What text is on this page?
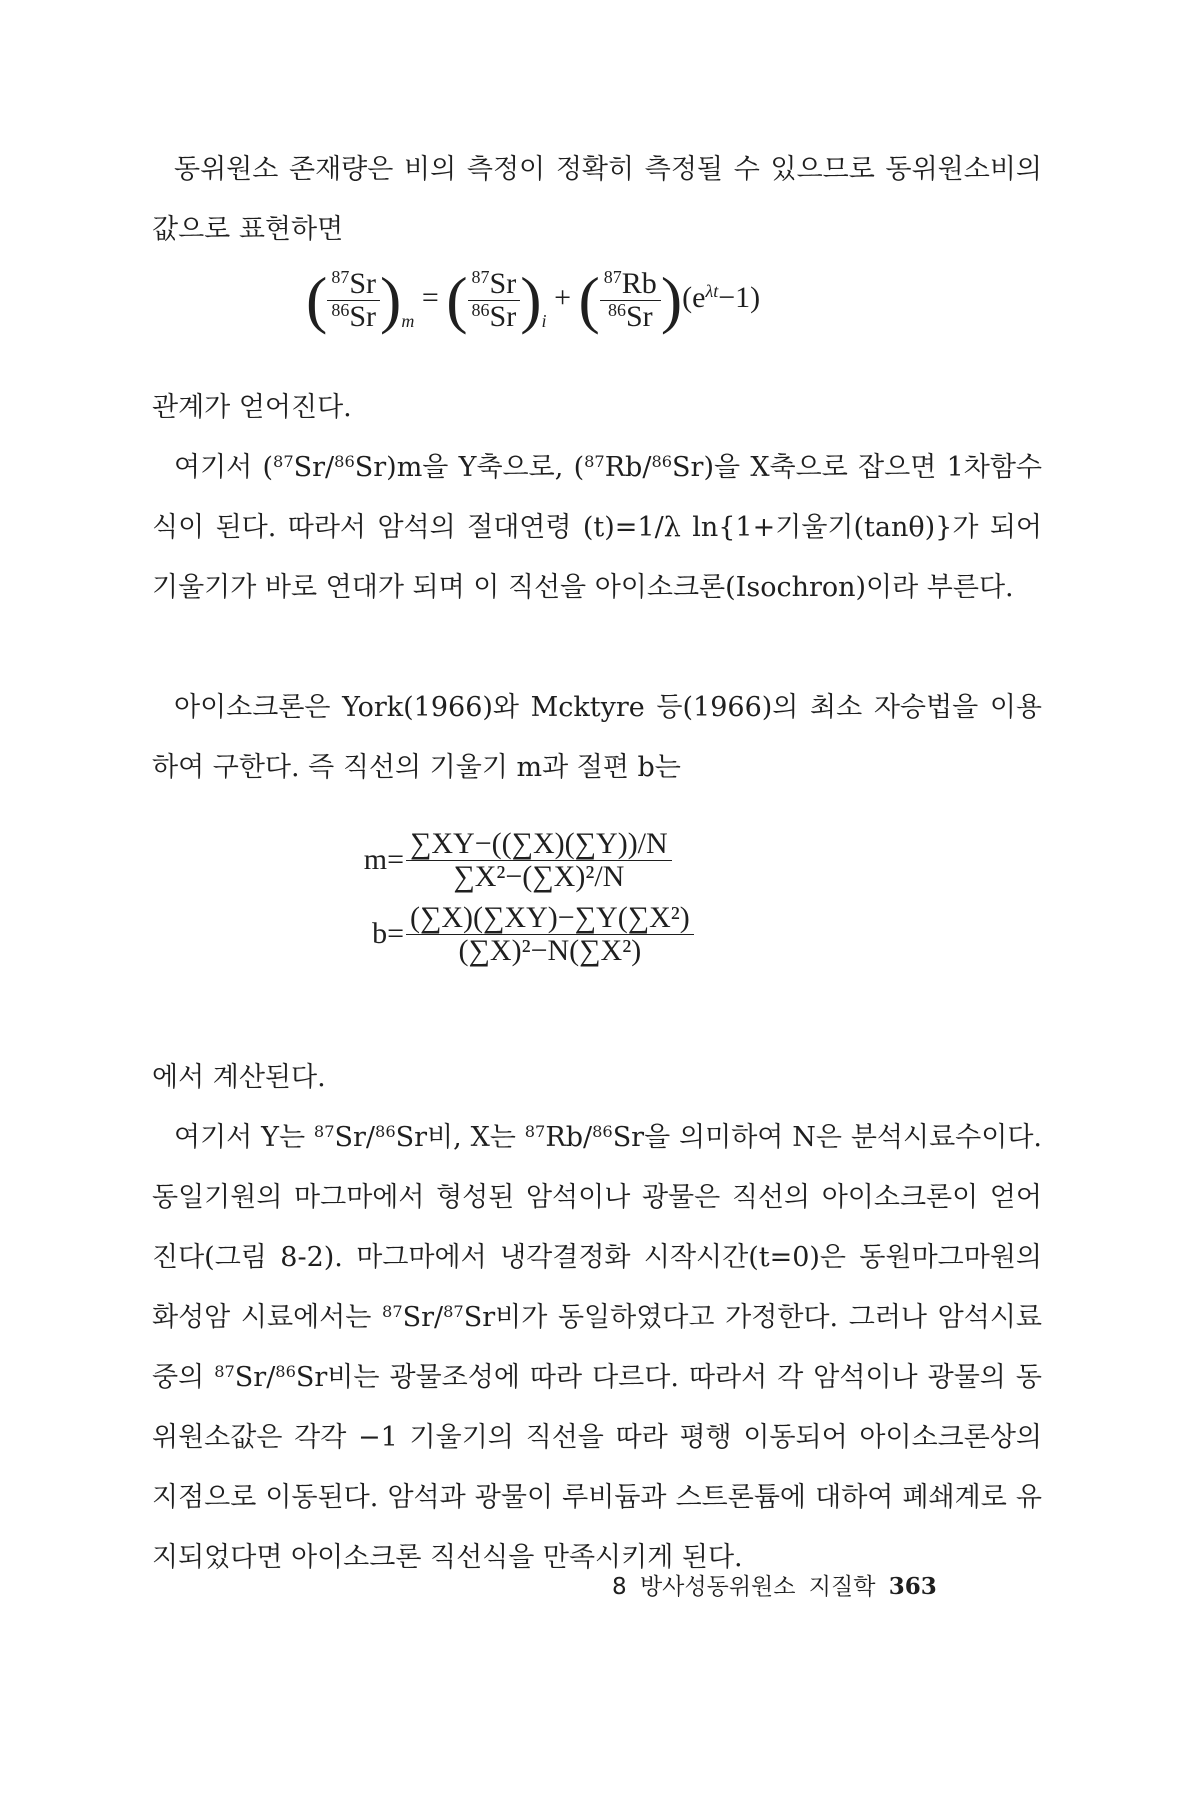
동위원소 존재량은 비의 측정이 정확히 측정될 수 있으므로 동위원소비의 값으로 표현하면

( $\frac{^{87}Sr}{^{86}Sr} )_m$ = ( $\frac{^{87}Sr}{^{86}Sr} )_i$ + ( $\frac{^{87}Rb}{^{86}Sr} )(e^{\lambda t}-1)$

관계가 얻어진다.

여기서 ($^{87}$Sr/$^{86}$Sr)m을 Y축으로, ($^{87}$Rb/$^{86}$Sr)을 X축으로 잡으면 1차함수식이 된다. 따라서 암석의 절대연령 (t)=1/λ ln{1+기울기(tanθ)}가 되어 기울기가 바로 연대가 되며 이 직선을 아이소크론(Isochron)이라 부른다.

아이소크론은 York(1966)와 Mcktyre 등(1966)의 최소 자승법을 이용하여 구한다. 즉 직선의 기울기 m과 절편 b는

$m= \frac{\sum XY-((\sum X)(\sum Y))/N}{\text{∑X²−(∑X)²/N}}$
$b= \frac{\text{(∑X)(∑XY)−∑Y(∑X²)}}{\text{(∑X)²−N(∑X²)}}$

에서 계산된다.

여기서 Y는 $^{87}$Sr/$^{86}$Sr비, X는 $^{87}$Rb/$^{86}$Sr을 의미하여 N은 분석시료수이다. 동일기원의 마그마에서 형성된 암석이나 광물은 직선의 아이소크론이 얻어진다(그림 8-2). 마그마에서 냉각결정화 시작시간(t=0)은 동원마그마원의 화성암 시료에서는 $^{87}$Sr/$^{87}$Sr비가 동일하였다고 가정한다. 그러나 암석시료 중의 $^{87}$Sr/$^{86}$Sr비는 광물조성에 따라 다르다. 따라서 각 암석이나 광물의 동위원소값은 각각 −1 기울기의 직선을 따라 평행 이동되어 아이소크론상의 지점으로 이동된다. 암석과 광물이 루비듐과 스트론튬에 대하여 폐쇄계로 유지되었다면 아이소크론 직선식을 만족시키게 된다.

8 방사성동위원소 지질학 363
